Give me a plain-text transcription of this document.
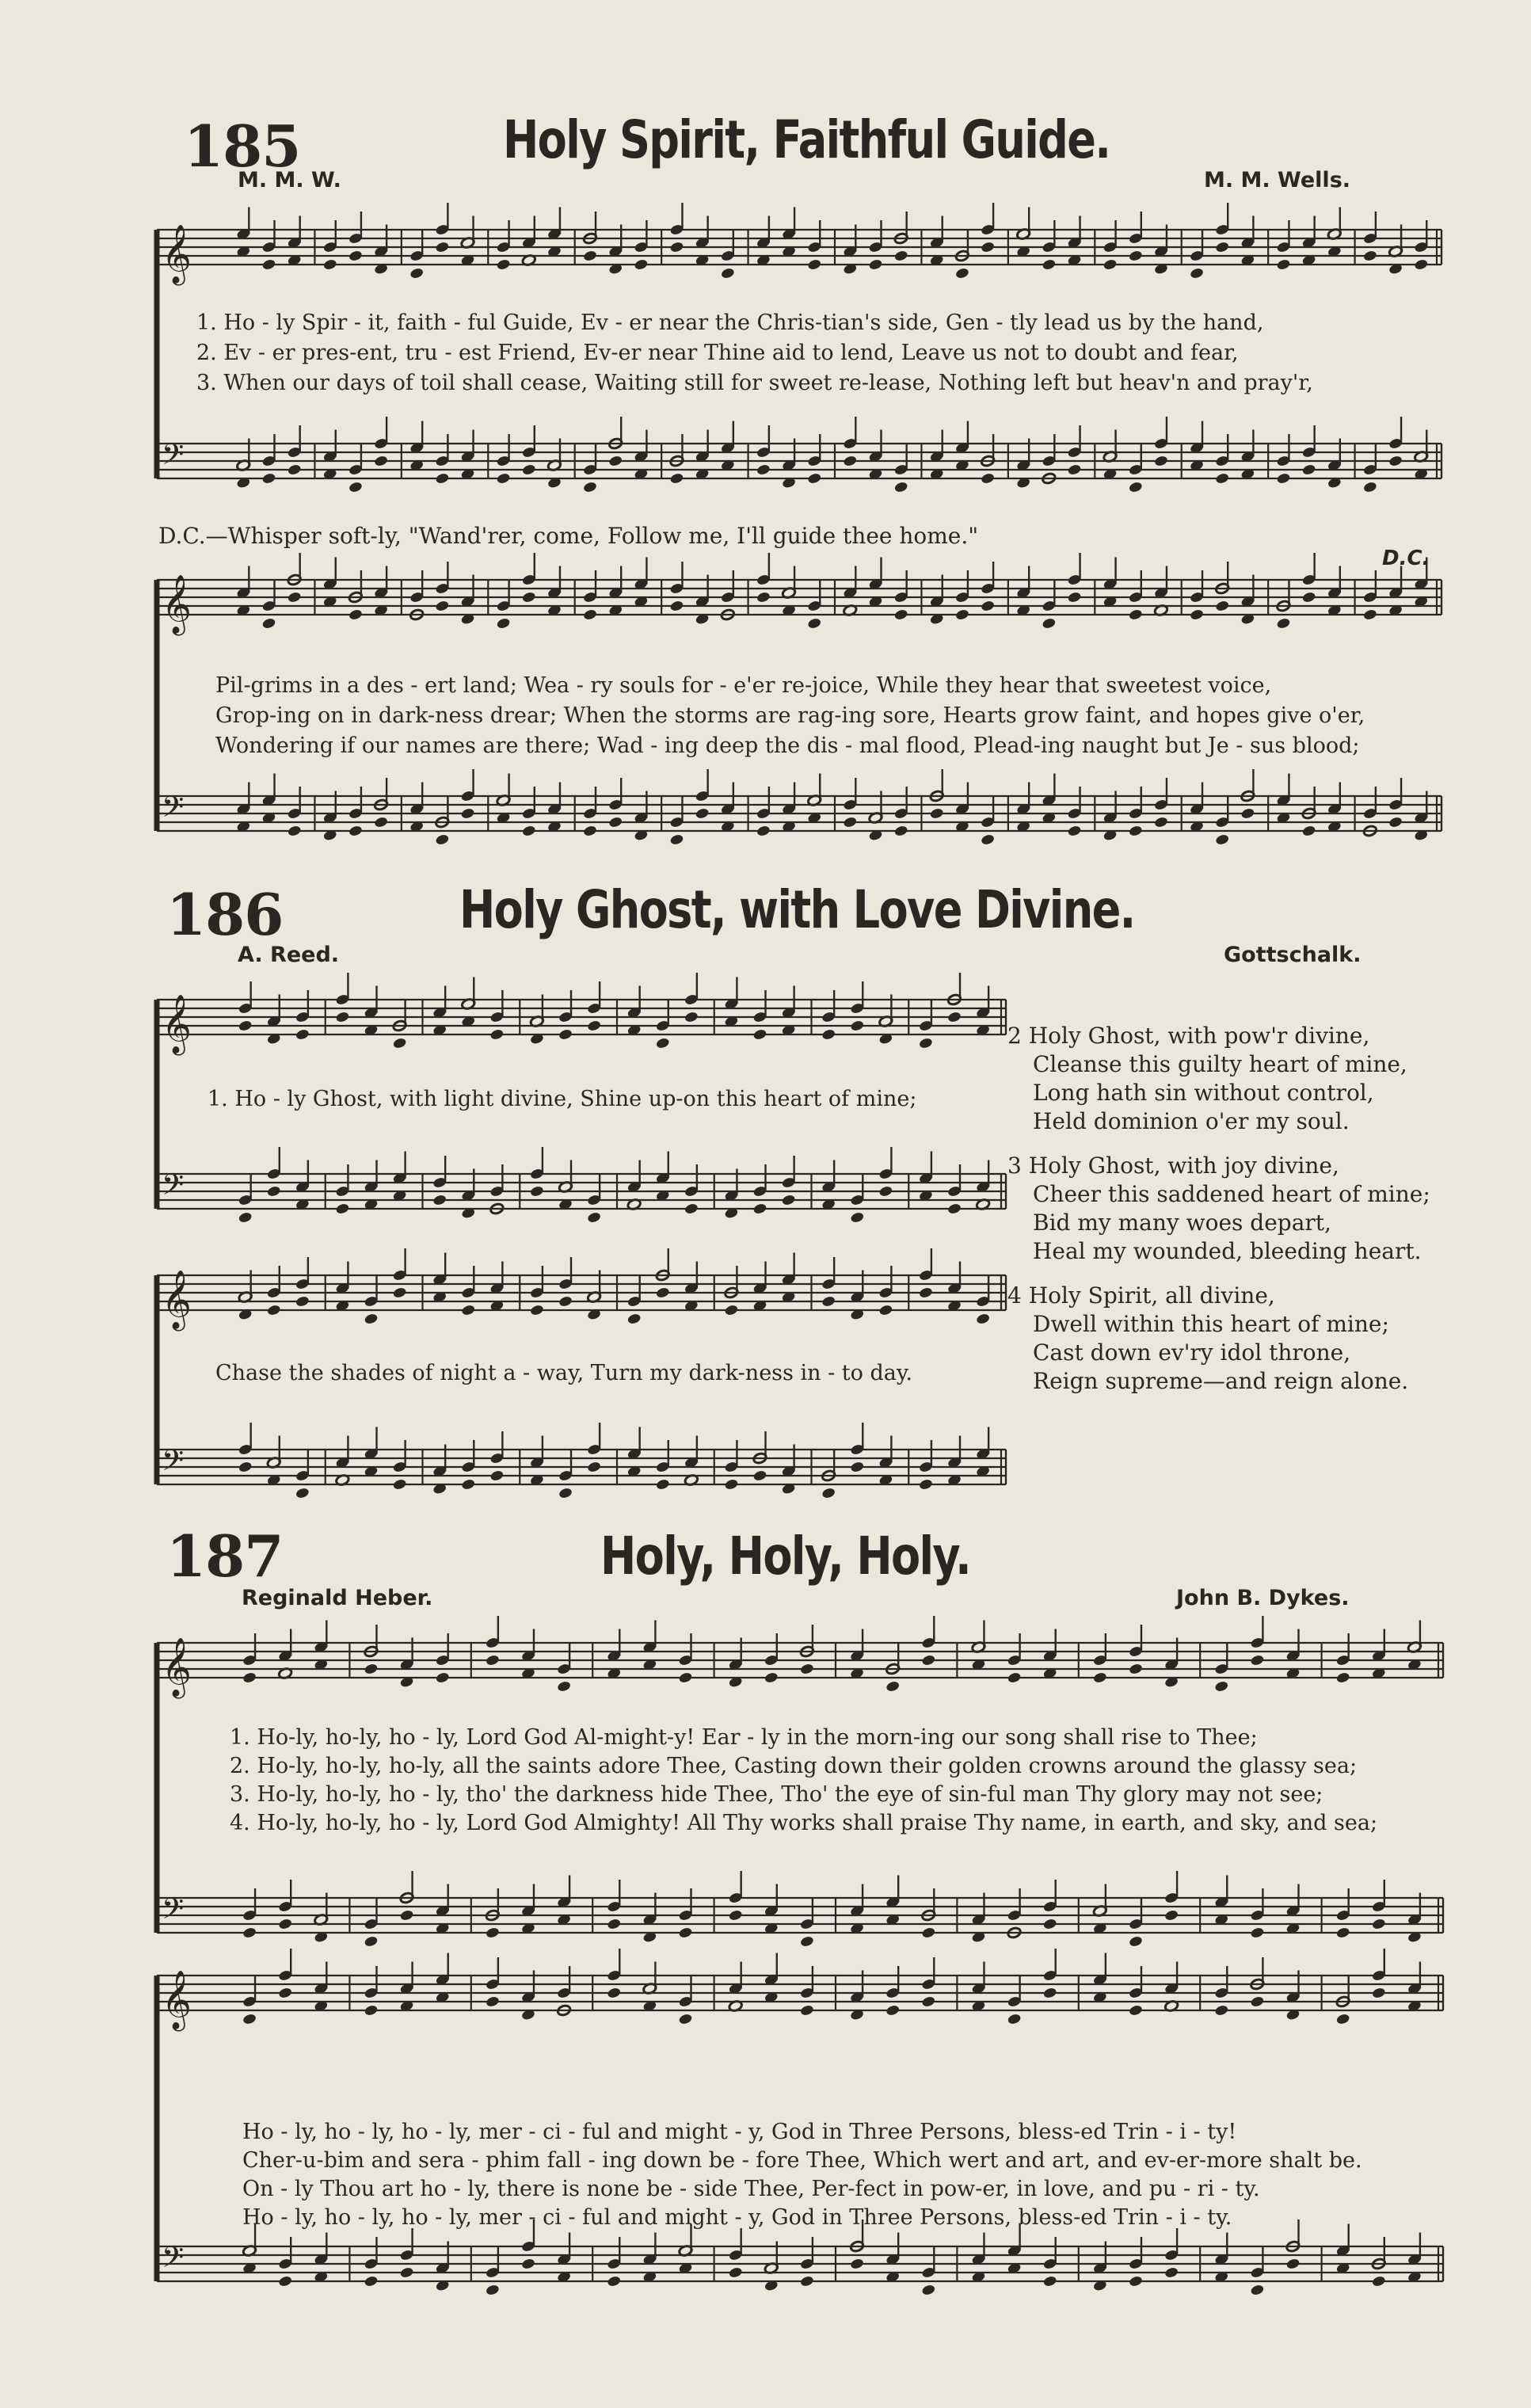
𝄞
𝄢
𝄞
𝄢
𝄞
𝄢
𝄞
𝄢
𝄞
𝄢
𝄞
𝄢
185	Holy Spirit, Faithful Guide.
M. M. W.	M. M. Wells.
1. Ho - ly Spir - it, faith - ful Guide, Ev - er near the Chris-tian's side, Gen - tly lead us by the hand,
2. Ev - er pres-ent, tru - est Friend, Ev-er near Thine aid to lend, Leave us not to doubt and fear,
3. When our days of toil shall cease, Waiting still for sweet re-lease, Nothing left but heav'n and pray'r,
D.C.—Whisper soft-ly, "Wand'rer, come, Follow me, I'll guide thee home."
D.C.
Pil-grims in a des - ert land; Wea - ry souls for - e'er re-joice, While they hear that sweetest voice,
Grop-ing on in dark-ness drear; When the storms are rag-ing sore, Hearts grow faint, and hopes give o'er,
Wondering if our names are there; Wad - ing deep the dis - mal flood, Plead-ing naught but Je - sus blood;
186	Holy Ghost, with Love Divine.
A. Reed.	Gottschalk.
1. Ho - ly Ghost, with light divine, Shine up-on this heart of mine;
Chase the shades of night a - way, Turn my dark-ness in - to day.
2 Holy Ghost, with pow'r divine,
Cleanse this guilty heart of mine,
Long hath sin without control,
Held dominion o'er my soul.
3 Holy Ghost, with joy divine,
Cheer this saddened heart of mine;
Bid my many woes depart,
Heal my wounded, bleeding heart.
4 Holy Spirit, all divine,
Dwell within this heart of mine;
Cast down ev'ry idol throne,
Reign supreme—and reign alone.
187	Holy, Holy, Holy.
Reginald Heber.	John B. Dykes.
1. Ho-ly, ho-ly, ho - ly, Lord God Al-might-y! Ear - ly in the morn-ing our song shall rise to Thee;
2. Ho-ly, ho-ly, ho-ly, all the saints adore Thee, Casting down their golden crowns around the glassy sea;
3. Ho-ly, ho-ly, ho - ly, tho' the darkness hide Thee, Tho' the eye of sin-ful man Thy glory may not see;
4. Ho-ly, ho-ly, ho - ly, Lord God Almighty! All Thy works shall praise Thy name, in earth, and sky, and sea;
Ho - ly, ho - ly, ho - ly, mer - ci - ful and might - y, God in Three Persons, bless-ed Trin - i - ty!
Cher-u-bim and sera - phim fall - ing down be - fore Thee, Which wert and art, and ev-er-more shalt be.
On - ly Thou art ho - ly, there is none be - side Thee, Per-fect in pow-er, in love, and pu - ri - ty.
Ho - ly, ho - ly, ho - ly, mer - ci - ful and might - y, God in Three Persons, bless-ed Trin - i - ty.
